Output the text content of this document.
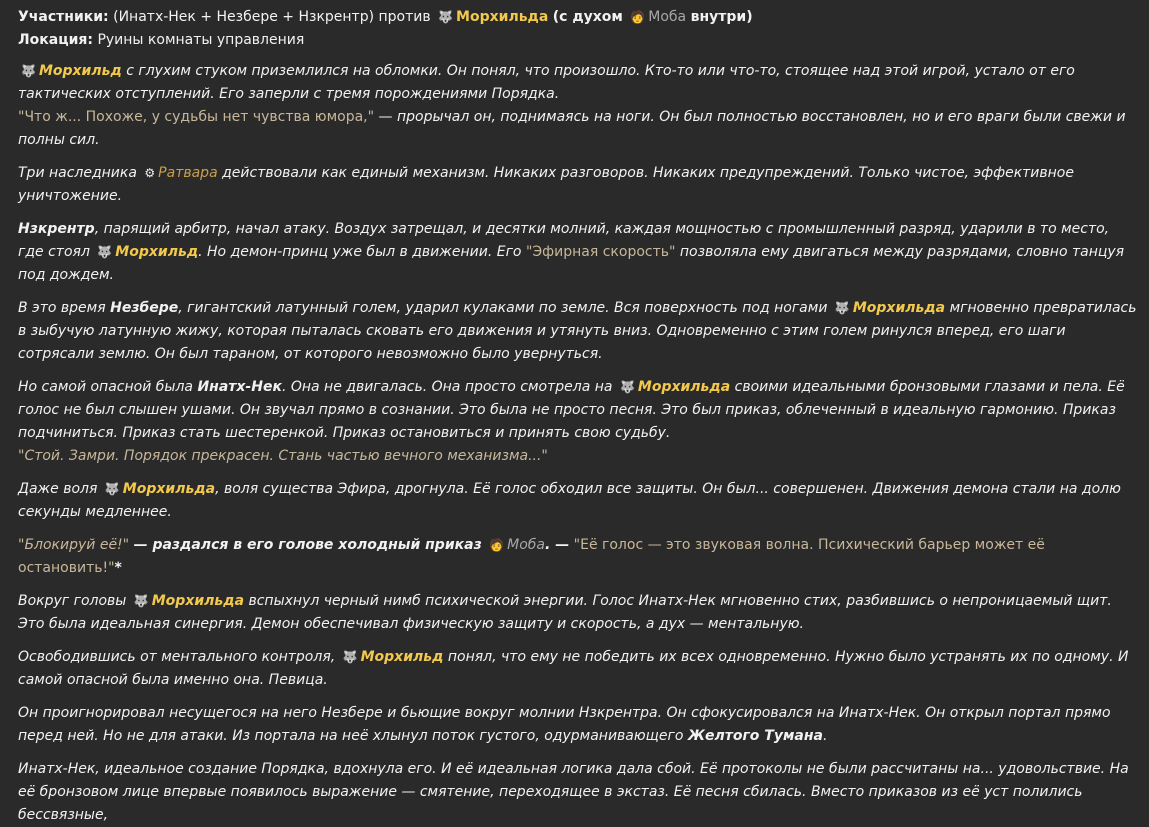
Участники: (Инатх-Нек + Незбере + Нзкрентр) против 🐺 Морхильда (с духом 🧑 Моба внутри)
Локация: Руины комнаты управления
🐺 Морхильд с глухим стуком приземлился на обломки. Он понял, что произошло. Кто-то или что-то, стоящее над этой игрой, устало от его тактических отступлений. Его заперли с тремя порождениями Порядка.
"Что ж... Похоже, у судьбы нет чувства юмора," — прорычал он, поднимаясь на ноги. Он был полностью восстановлен, но и его враги были свежи и полны сил.
Три наследника ⚙ Ратвара действовали как единый механизм. Никаких разговоров. Никаких предупреждений. Только чистое, эффективное уничтожение.
Нзкрентр, парящий арбитр, начал атаку. Воздух затрещал, и десятки молний, каждая мощностью с промышленный разряд, ударили в то место, где стоял 🐺 Морхильд. Но демон-принц уже был в движении. Его "Эфирная скорость" позволяла ему двигаться между разрядами, словно танцуя под дождем.
В это время Незбере, гигантский латунный голем, ударил кулаками по земле. Вся поверхность под ногами 🐺 Морхильда мгновенно превратилась в зыбучую латунную жижу, которая пыталась сковать его движения и утянуть вниз. Одновременно с этим голем ринулся вперед, его шаги сотрясали землю. Он был тараном, от которого невозможно было увернуться.
Но самой опасной была Инатх-Нек. Она не двигалась. Она просто смотрела на 🐺 Морхильда своими идеальными бронзовыми глазами и пела. Её голос не был слышен ушами. Он звучал прямо в сознании. Это была не просто песня. Это был приказ, облеченный в идеальную гармонию. Приказ подчиниться. Приказ стать шестеренкой. Приказ остановиться и принять свою судьбу.
"Стой. Замри. Порядок прекрасен. Стань частью вечного механизма..."
Даже воля 🐺 Морхильда, воля существа Эфира, дрогнула. Её голос обходил все защиты. Он был... совершенен. Движения демона стали на долю секунды медленнее.
"Блокируй её!" — раздался в его голове холодный приказ 🧑 Моба. — "Её голос — это звуковая волна. Психический барьер может её остановить!"*
Вокруг головы 🐺 Морхильда вспыхнул черный нимб психической энергии. Голос Инатх-Нек мгновенно стих, разбившись о непроницаемый щит. Это была идеальная синергия. Демон обеспечивал физическую защиту и скорость, а дух — ментальную.
Освободившись от ментального контроля, 🐺 Морхильд понял, что ему не победить их всех одновременно. Нужно было устранять их по одному. И самой опасной была именно она. Певица.
Он проигнорировал несущегося на него Незбере и бьющие вокруг молнии Нзкрентра. Он сфокусировался на Инатх-Нек. Он открыл портал прямо перед ней. Но не для атаки. Из портала на неё хлынул поток густого, одурманивающего Желтого Тумана.
Инатх-Нек, идеальное создание Порядка, вдохнула его. И её идеальная логика дала сбой. Её протоколы не были рассчитаны на... удовольствие. На её бронзовом лице впервые появилось выражение — смятение, переходящее в экстаз. Её песня сбилась. Вместо приказов из её уст полились бессвязные,
